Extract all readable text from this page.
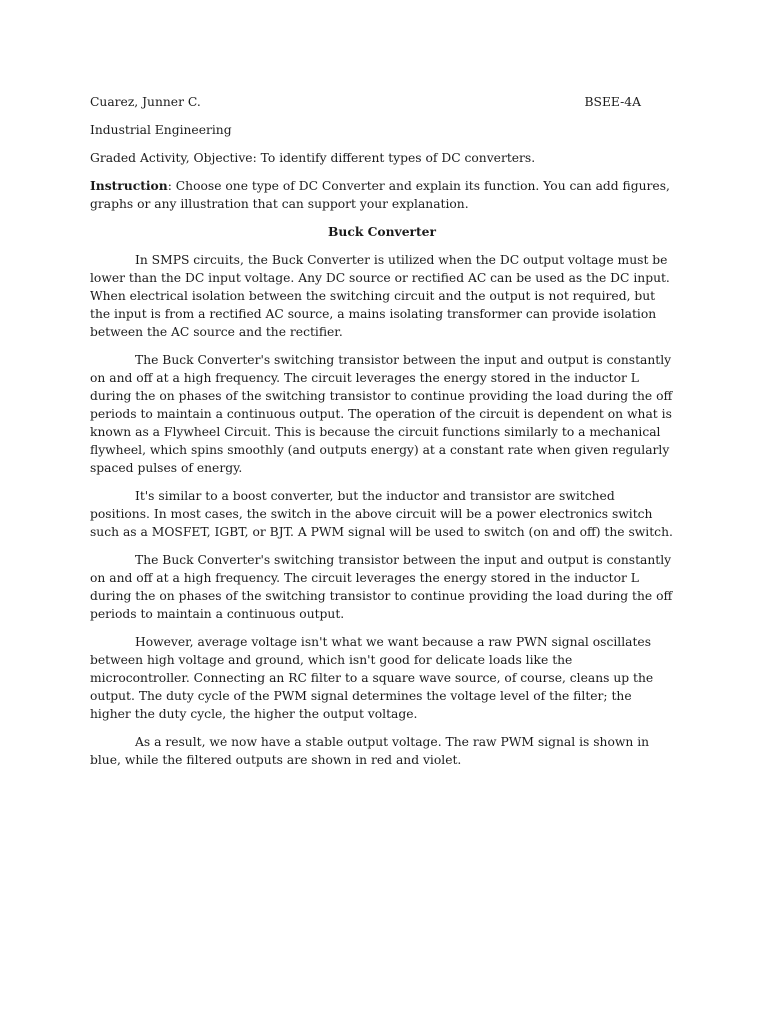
Cuarez, Junner C.	BSEE-4A
Industrial Engineering
Graded Activity, Objective: To identify different types of DC converters.
Instruction: Choose one type of DC Converter and explain its function. You can add figures, graphs or any illustration that can support your explanation.
Buck Converter

In SMPS circuits, the Buck Converter is utilized when the DC output voltage must be lower than the DC input voltage. Any DC source or rectified AC can be used as the DC input. When electrical isolation between the switching circuit and the output is not required, but the input is from a rectified AC source, a mains isolating transformer can provide isolation between the AC source and the rectifier.

The Buck Converter's switching transistor between the input and output is constantly on and off at a high frequency. The circuit leverages the energy stored in the inductor L during the on phases of the switching transistor to continue providing the load during the off periods to maintain a continuous output. The operation of the circuit is dependent on what is known as a Flywheel Circuit. This is because the circuit functions similarly to a mechanical flywheel, which spins smoothly (and outputs energy) at a constant rate when given regularly spaced pulses of energy.

It's similar to a boost converter, but the inductor and transistor are switched positions. In most cases, the switch in the above circuit will be a power electronics switch such as a MOSFET, IGBT, or BJT. A PWM signal will be used to switch (on and off) the switch.

The Buck Converter's switching transistor between the input and output is constantly on and off at a high frequency. The circuit leverages the energy stored in the inductor L during the on phases of the switching transistor to continue providing the load during the off periods to maintain a continuous output.

However, average voltage isn't what we want because a raw PWN signal oscillates between high voltage and ground, which isn't good for delicate loads like the microcontroller. Connecting an RC filter to a square wave source, of course, cleans up the output. The duty cycle of the PWM signal determines the voltage level of the filter; the higher the duty cycle, the higher the output voltage.

As a result, we now have a stable output voltage. The raw PWM signal is shown in blue, while the filtered outputs are shown in red and violet.
